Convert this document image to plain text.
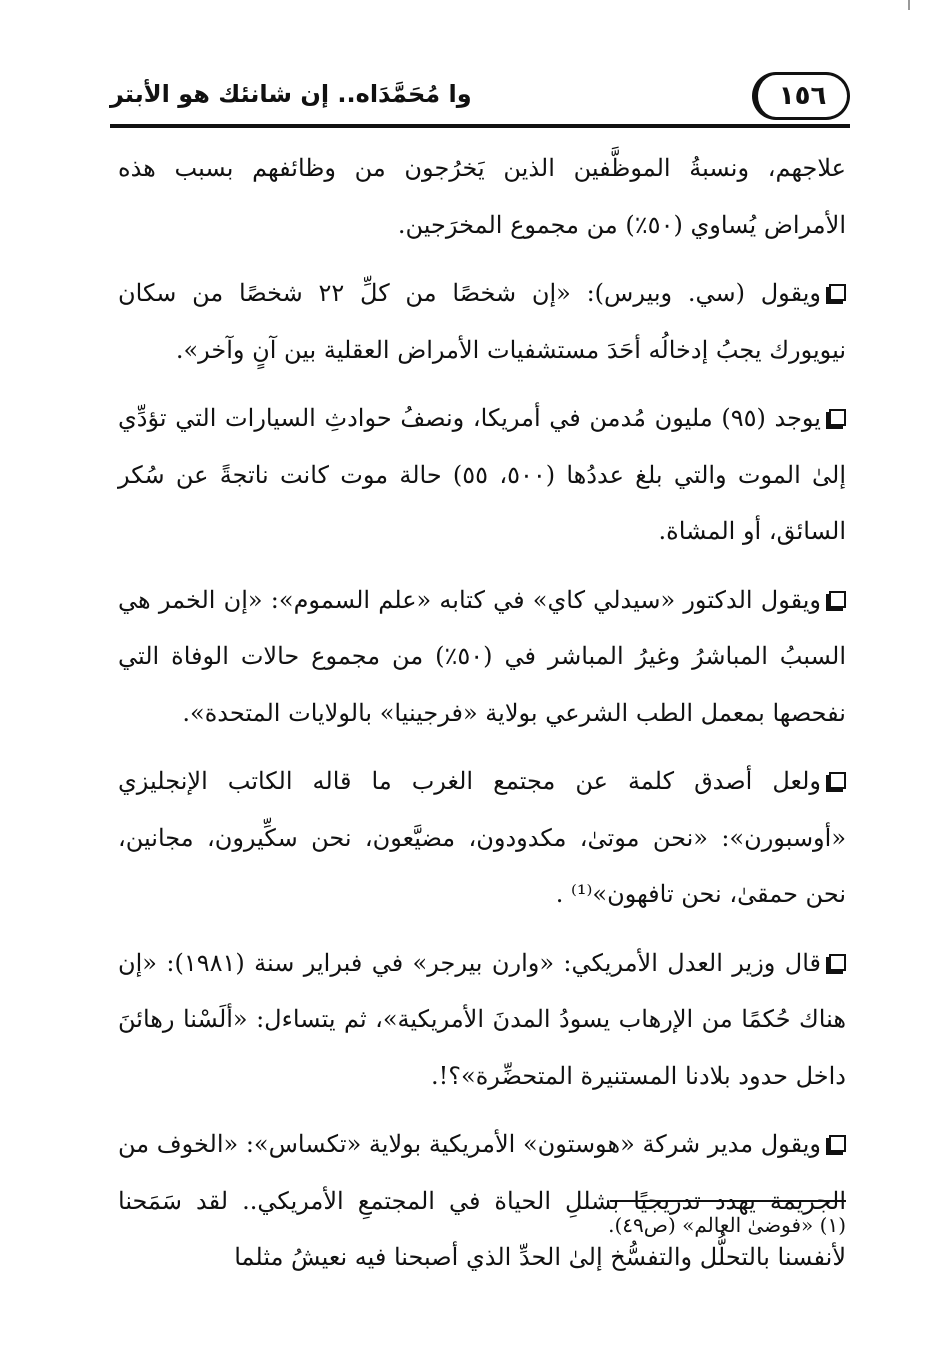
١٥٦
وا مُحَمَّدَاه.. إن شانئك هو الأبتر

علاجهم، ونسبةُ الموظَّفين الذين يَخرُجون من وظائفهم بسبب هذه الأمراض يُساوي (٥٠٪) من مجموع المخرَجين.

ويقول (سي. وبيرس): «إن شخصًا من كلِّ ٢٢ شخصًا من سكان نيويورك يجبُ إدخالُه أحَدَ مستشفيات الأمراض العقلية بين آنٍ وآخر».

يوجد (٩٥) مليون مُدمن في أمريكا، ونصفُ حوادثِ السيارات التي تؤدِّي إلىٰ الموت والتي بلغ عددُها (٥٠٠، ٥٥) حالة موت كانت ناتجةً عن سُكر السائق، أو المشاة.

ويقول الدكتور «سيدلي كاي» في كتابه «علم السموم»: «إن الخمر هي السببُ المباشرُ وغيرُ المباشر في (٥٠٪) من مجموع حالات الوفاة التي نفحصها بمعمل الطب الشرعي بولاية «فرجينيا» بالولايات المتحدة».

ولعل أصدق كلمة عن مجتمع الغرب ما قاله الكاتب الإنجليزي «أوسبورن»: «نحن موتىٰ، مكدودون، مضيَّعون، نحن سكِّيرون، مجانين، نحن حمقىٰ، نحن تافهون»⁽¹⁾ .

قال وزير العدل الأمريكي: «وارن بيرجر» في فبراير سنة (١٩٨١): «إن هناك حُكمًا من الإرهاب يسودُ المدنَ الأمريكية»، ثم يتساءل: «ألَسْنا رهائنَ داخل حدود بلادنا المستنيرة المتحضِّرة»؟!.

ويقول مدير شركة «هوستون» الأمريكية بولاية «تكساس»: «الخوف من الجريمة يهدد تدريجيًا بشللِ الحياة في المجتمعِ الأمريكي.. لقد سَمَحنا لأنفسنا بالتحلُّل والتفسُّخ إلىٰ الحدِّ الذي أصبحنا فيه نعيشُ مثلما

(١) «فوضىٰ العالم» (ص٤٩).
